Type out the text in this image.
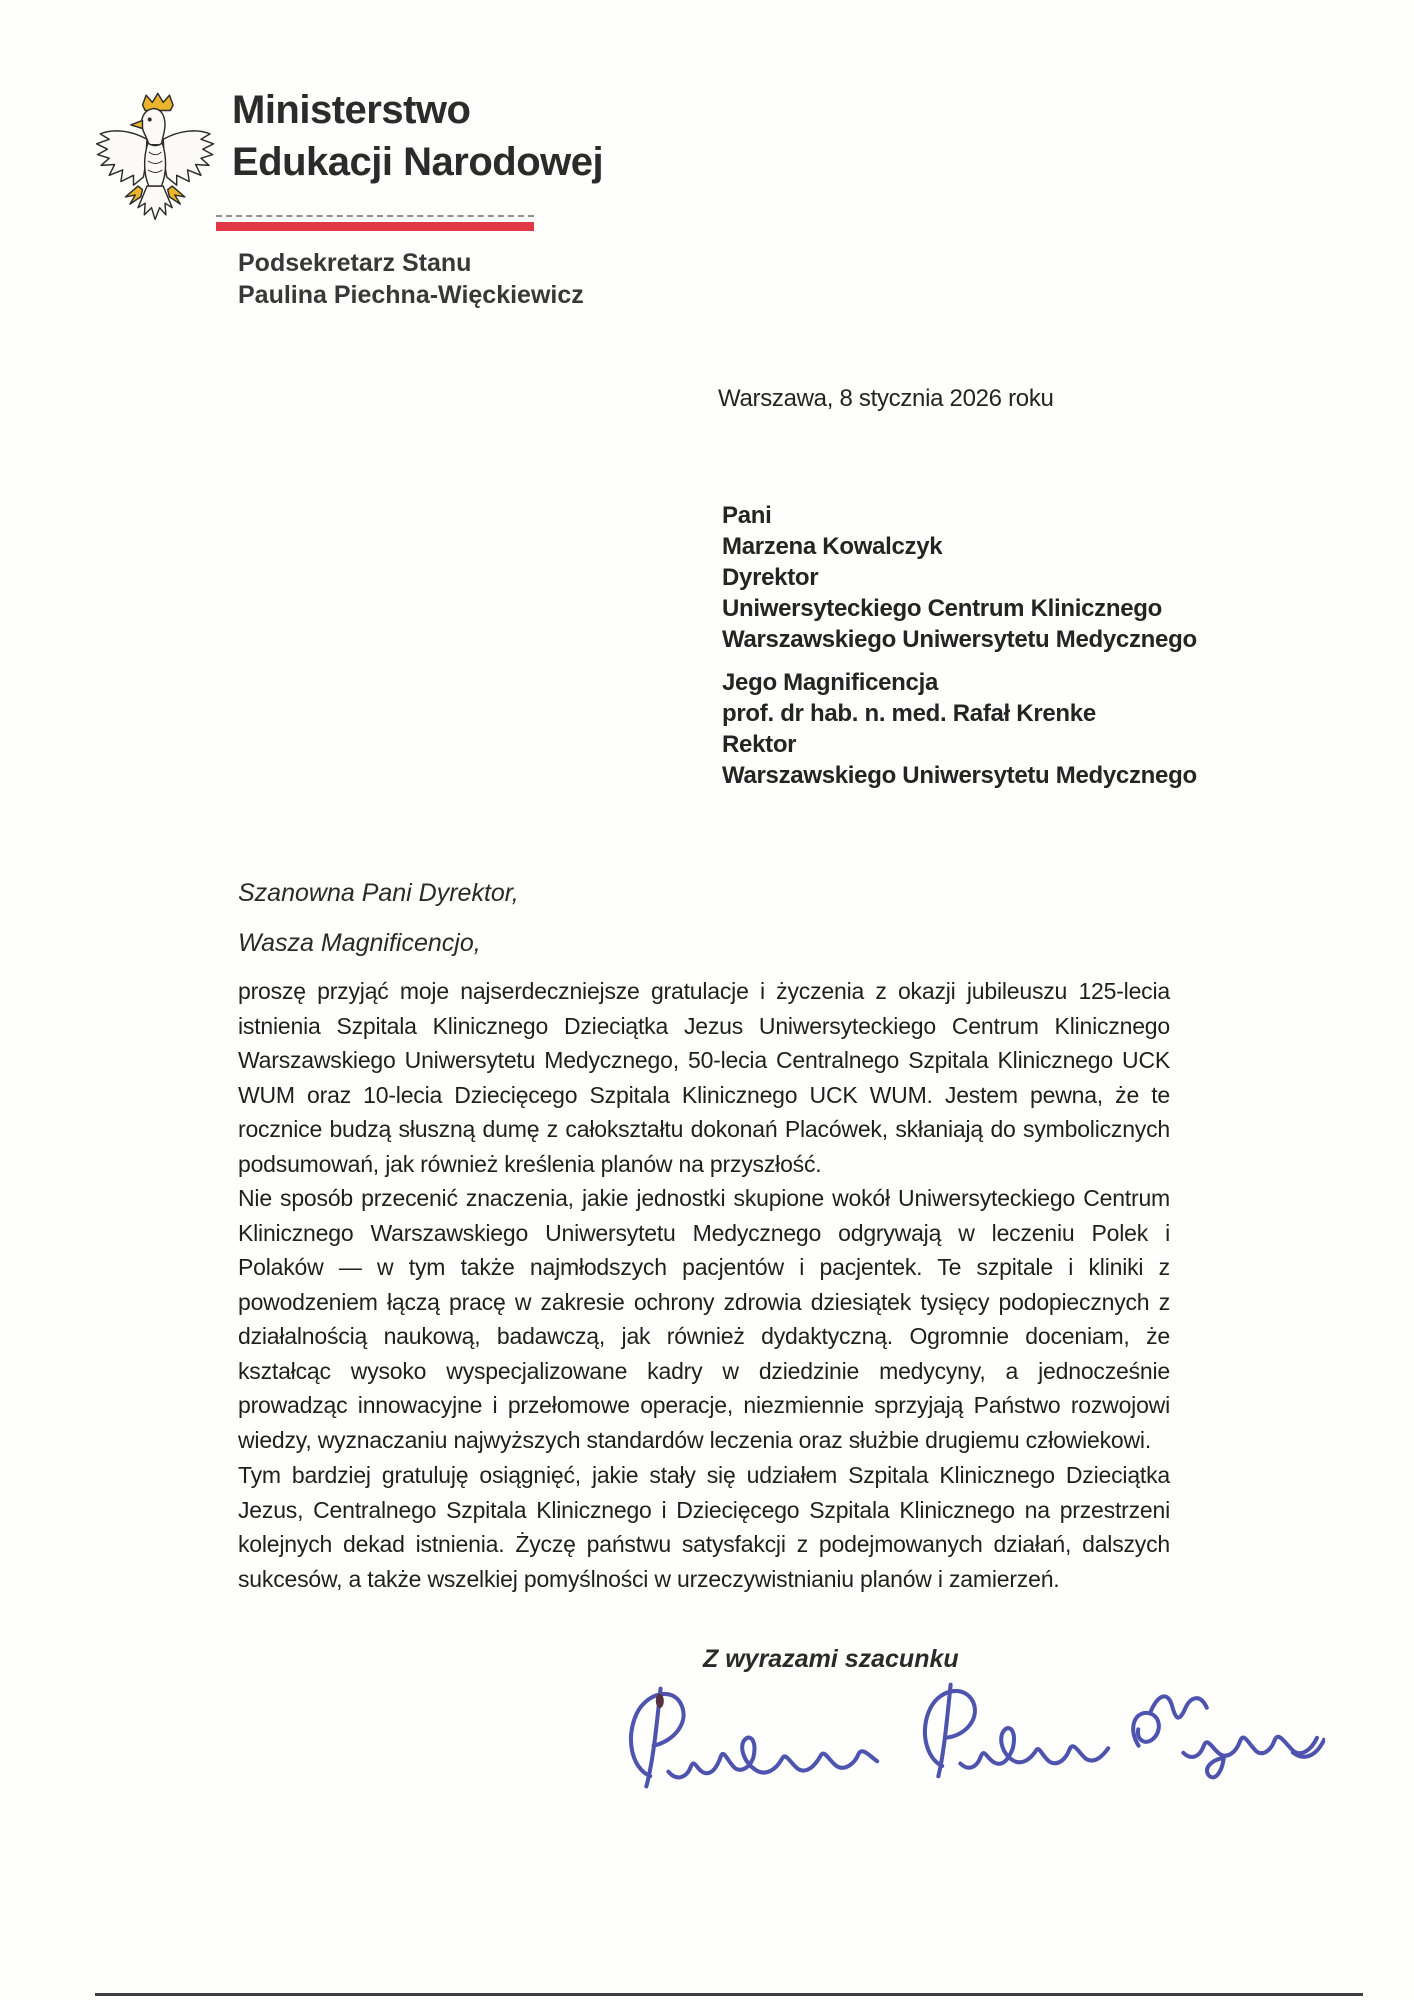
Ministerstwo
Edukacji Narodowej
Podsekretarz Stanu
Paulina Piechna-Więckiewicz
Warszawa, 8 stycznia 2026 roku
Pani
Marzena Kowalczyk
Dyrektor
Uniwersyteckiego Centrum Klinicznego
Warszawskiego Uniwersytetu Medycznego
Jego Magnificencja
prof. dr hab. n. med. Rafał Krenke
Rektor
Warszawskiego Uniwersytetu Medycznego
Szanowna Pani Dyrektor,
Wasza Magnificencjo,
proszę przyjąć moje najserdeczniejsze gratulacje i życzenia z okazji jubileuszu 125-lecia istnienia Szpitala Klinicznego Dzieciątka Jezus Uniwersyteckiego Centrum Klinicznego Warszawskiego Uniwersytetu Medycznego, 50-lecia Centralnego Szpitala Klinicznego UCK WUM oraz 10-lecia Dziecięcego Szpitala Klinicznego UCK WUM. Jestem pewna, że te rocznice budzą słuszną dumę z całokształtu dokonań Placówek, skłaniają do symbolicznych podsumowań, jak również kreślenia planów na przyszłość.
Nie sposób przecenić znaczenia, jakie jednostki skupione wokół Uniwersyteckiego Centrum Klinicznego Warszawskiego Uniwersytetu Medycznego odgrywają w leczeniu Polek i Polaków — w tym także najmłodszych pacjentów i pacjentek. Te szpitale i kliniki z powodzeniem łączą pracę w zakresie ochrony zdrowia dziesiątek tysięcy podopiecznych z działalnością naukową, badawczą, jak również dydaktyczną. Ogromnie doceniam, że kształcąc wysoko wyspecjalizowane kadry w dziedzinie medycyny, a jednocześnie prowadząc innowacyjne i przełomowe operacje, niezmiennie sprzyjają Państwo rozwojowi wiedzy, wyznaczaniu najwyższych standardów leczenia oraz służbie drugiemu człowiekowi.
Tym bardziej gratuluję osiągnięć, jakie stały się udziałem Szpitala Klinicznego Dzieciątka Jezus, Centralnego Szpitala Klinicznego i Dziecięcego Szpitala Klinicznego na przestrzeni kolejnych dekad istnienia. Życzę państwu satysfakcji z podejmowanych działań, dalszych sukcesów, a także wszelkiej pomyślności w urzeczywistnianiu planów i zamierzeń.
Z wyrazami szacunku
